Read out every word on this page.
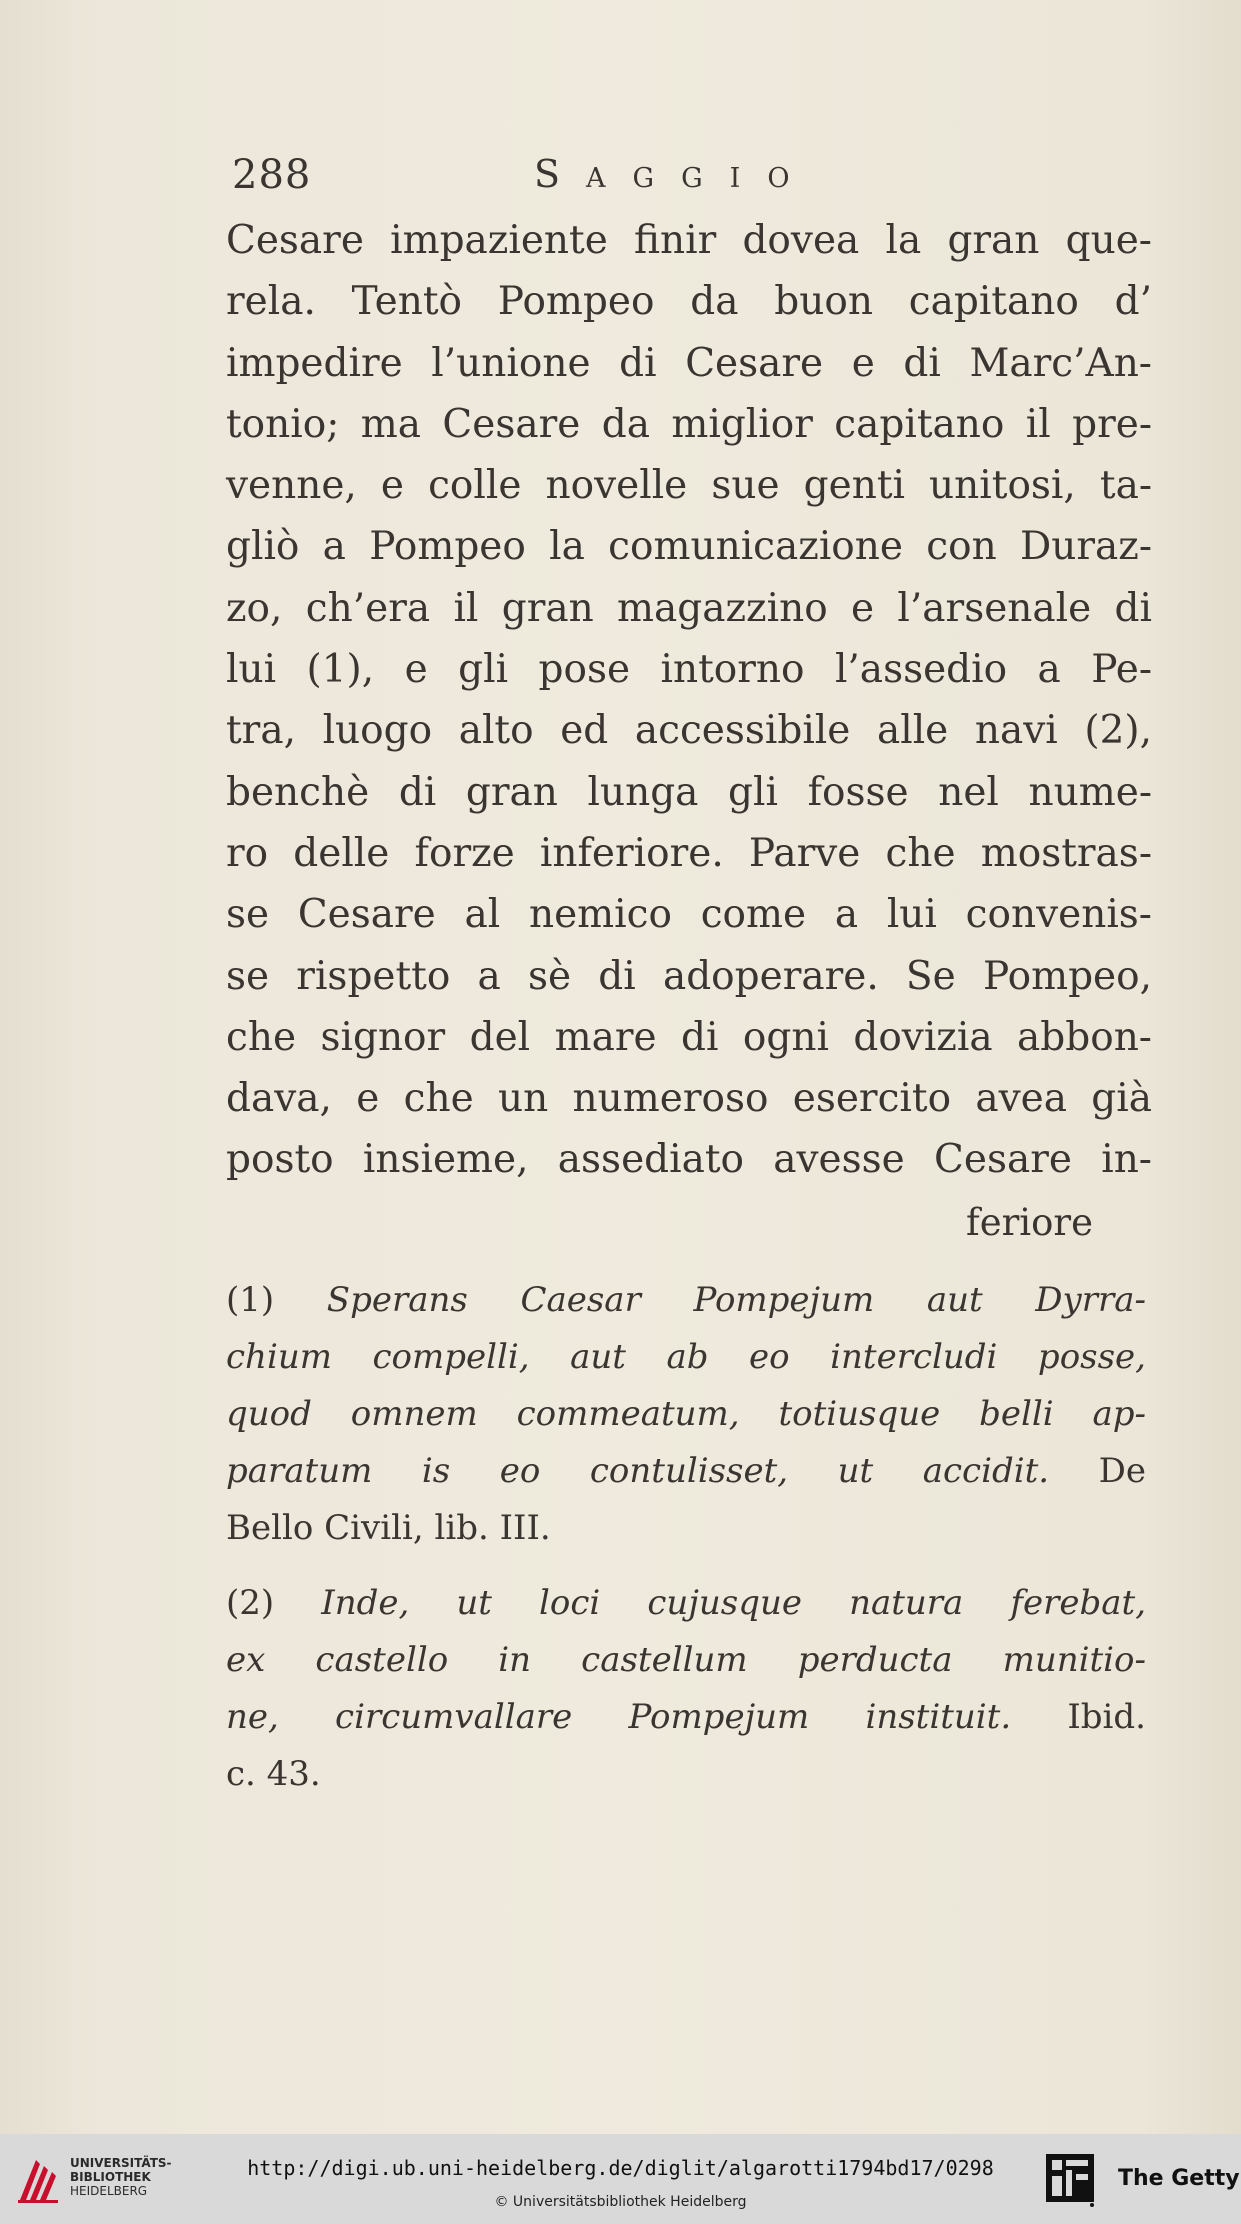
288	S AGGIO
Cesare impaziente finir dovea la gran que-
rela. Tentò Pompeo da buon capitano d’
impedire l’unione di Cesare e di Marc’An-
tonio; ma Cesare da miglior capitano il pre-
venne, e colle novelle sue genti unitosi, ta-
gliò a Pompeo la comunicazione con Duraz-
zo, ch’era il gran magazzino e l’arsenale di
lui (1), e gli pose intorno l’assedio a Pe-
tra, luogo alto ed accessibile alle navi (2),
benchè di gran lunga gli fosse nel nume-
ro delle forze inferiore. Parve che mostras-
se Cesare al nemico come a lui convenis-
se rispetto a sè di adoperare. Se Pompeo,
che signor del mare di ogni dovizia abbon-
dava, e che un numeroso esercito avea già
posto insieme, assediato avesse Cesare in-
feriore
(1) Sperans Caesar Pompejum aut Dyrra-
chium compelli, aut ab eo intercludi posse,
quod omnem commeatum, totiusque belli ap-
paratum is eo contulisset, ut accidit. De
Bello Civili, lib. III.
(2) Inde, ut loci cujusque natura ferebat,
ex castello in castellum perducta munitio-
ne, circumvallare Pompejum instituit. Ibid.
c. 43.
UNIVERSITÄTS-
BIBLIOTHEK
HEIDELBERG
http://digi.ub.uni-heidelberg.de/diglit/algarotti1794bd17/0298
© Universitätsbibliothek Heidelberg
The Getty
